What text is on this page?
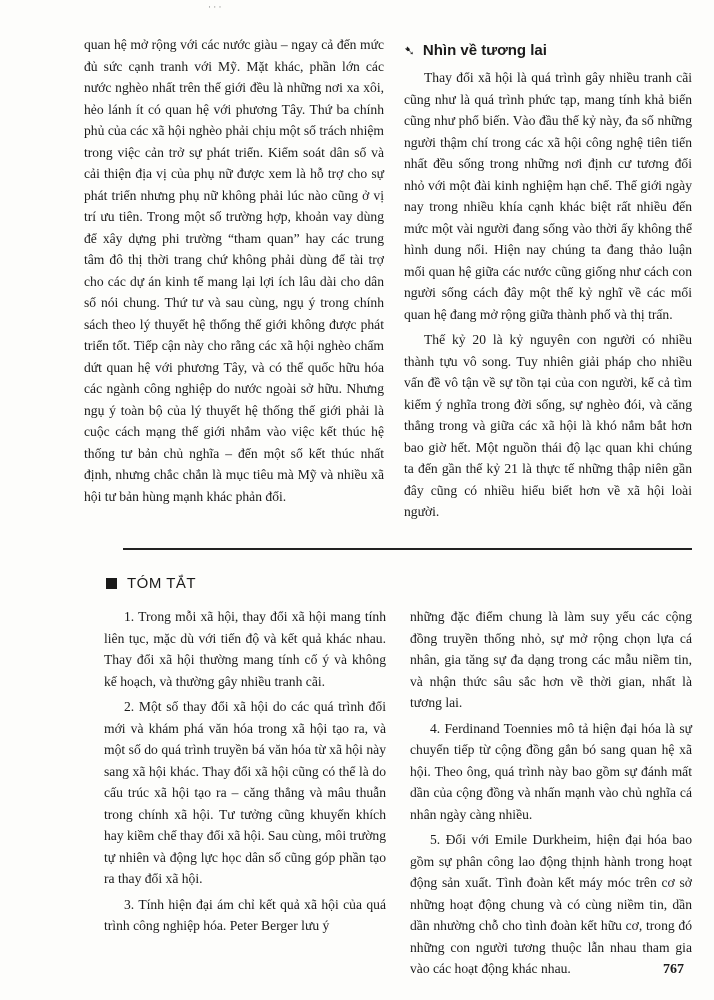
· · ·

quan hệ mở rộng với các nước giàu – ngay cả đến mức đủ sức cạnh tranh với Mỹ. Mặt khác, phần lớn các nước nghèo nhất trên thế giới đều là những nơi xa xôi, hẻo lánh ít có quan hệ với phương Tây. Thứ ba chính phủ của các xã hội nghèo phải chịu một số trách nhiệm trong việc cản trở sự phát triển. Kiểm soát dân số và cải thiện địa vị của phụ nữ được xem là hỗ trợ cho sự phát triển nhưng phụ nữ không phải lúc nào cũng ở vị trí ưu tiên. Trong một số trường hợp, khoản vay dùng để xây dựng phi trường “tham quan” hay các trung tâm đô thị thời trang chứ không phải dùng để tài trợ cho các dự án kinh tế mang lại lợi ích lâu dài cho dân số nói chung. Thứ tư và sau cùng, ngụ ý trong chính sách theo lý thuyết hệ thống thế giới không được phát triển tốt. Tiếp cận này cho rằng các xã hội nghèo chấm dứt quan hệ với phương Tây, và có thể quốc hữu hóa các ngành công nghiệp do nước ngoài sở hữu. Nhưng ngụ ý toàn bộ của lý thuyết hệ thống thế giới phải là cuộc cách mạng thế giới nhắm vào việc kết thúc hệ thống tư bản chủ nghĩa – đến một số kết thúc nhất định, nhưng chắc chắn là mục tiêu mà Mỹ và nhiều xã hội tư bản hùng mạnh khác phản đối.

➷ Nhìn về tương lai

Thay đổi xã hội là quá trình gây nhiều tranh cãi cũng như là quá trình phức tạp, mang tính khả biến cũng như phổ biến. Vào đầu thế kỷ này, đa số những người thậm chí trong các xã hội công nghệ tiên tiến nhất đều sống trong những nơi định cư tương đối nhỏ với một đài kinh nghiệm hạn chế. Thế giới ngày nay trong nhiều khía cạnh khác biệt rất nhiều đến mức một vài người đang sống vào thời ấy không thể hình dung nổi. Hiện nay chúng ta đang thảo luận mối quan hệ giữa các nước cũng giống như cách con người sống cách đây một thế kỷ nghĩ về các mối quan hệ đang mở rộng giữa thành phố và thị trấn.

Thế kỷ 20 là kỷ nguyên con người có nhiều thành tựu vô song. Tuy nhiên giải pháp cho nhiều vấn đề vô tận về sự tồn tại của con người, kể cả tìm kiếm ý nghĩa trong đời sống, sự nghèo đói, và căng thẳng trong và giữa các xã hội là khó nắm bắt hơn bao giờ hết. Một nguồn thái độ lạc quan khi chúng ta đến gần thế kỷ 21 là thực tế những thập niên gần đây cũng có nhiều hiểu biết hơn về xã hội loài người.

TÓM TẮT

1. Trong mỗi xã hội, thay đổi xã hội mang tính liên tục, mặc dù với tiến độ và kết quả khác nhau. Thay đổi xã hội thường mang tính cố ý và không kế hoạch, và thường gây nhiều tranh cãi.

2. Một số thay đổi xã hội do các quá trình đổi mới và khám phá văn hóa trong xã hội tạo ra, và một số do quá trình truyền bá văn hóa từ xã hội này sang xã hội khác. Thay đổi xã hội cũng có thể là do cấu trúc xã hội tạo ra – căng thẳng và mâu thuẫn trong chính xã hội. Tư tưởng cũng khuyến khích hay kiềm chế thay đổi xã hội. Sau cùng, môi trường tự nhiên và động lực học dân số cũng góp phần tạo ra thay đổi xã hội.

3. Tính hiện đại ám chỉ kết quả xã hội của quá trình công nghiệp hóa. Peter Berger lưu ý

những đặc điểm chung là làm suy yếu các cộng đồng truyền thống nhỏ, sự mở rộng chọn lựa cá nhân, gia tăng sự đa dạng trong các mẫu niềm tin, và nhận thức sâu sắc hơn về thời gian, nhất là tương lai.

4. Ferdinand Toennies mô tả hiện đại hóa là sự chuyển tiếp từ cộng đồng gắn bó sang quan hệ xã hội. Theo ông, quá trình này bao gồm sự đánh mất dần của cộng đồng và nhấn mạnh vào chủ nghĩa cá nhân ngày càng nhiều.

5. Đối với Emile Durkheim, hiện đại hóa bao gồm sự phân công lao động thịnh hành trong hoạt động sản xuất. Tình đoàn kết máy móc trên cơ sở những hoạt động chung và có cùng niềm tin, dần dần nhường chỗ cho tình đoàn kết hữu cơ, trong đó những con người tương thuộc lẫn nhau tham gia vào các hoạt động khác nhau.	767
